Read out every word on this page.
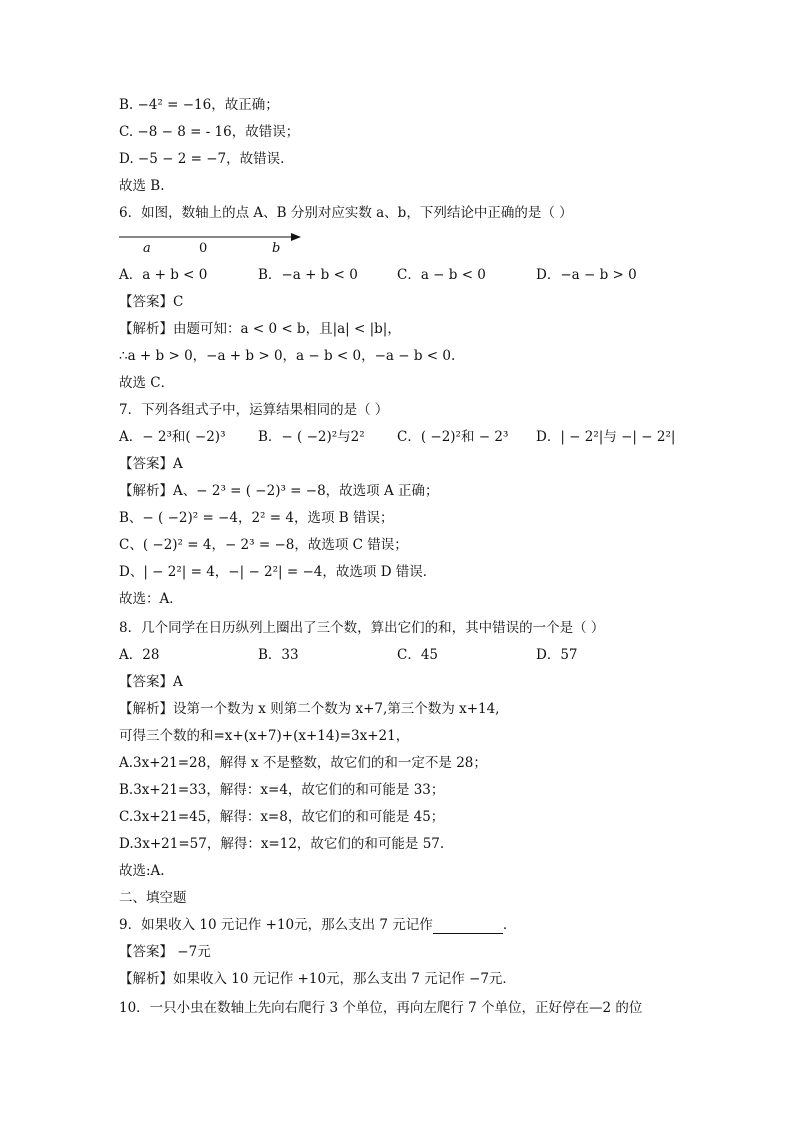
B. −4² = −16，故正确；
C. −8 − 8 = - 16，故错误；
D. −5 − 2 = −7，故错误.
故选 B.
6．如图，数轴上的点 A、B 分别对应实数 a、b，下列结论中正确的是（ ）
a	0	b
A．a + b < 0	B．−a + b < 0	C．a − b < 0	D．−a − b > 0
【答案】C
【解析】由题可知：a < 0 < b，且|a| < |b|，
∴a + b > 0，−a + b > 0，a − b < 0，−a − b < 0.
故选 C．
7．下列各组式子中，运算结果相同的是（ ）
A．− 2³和( −2)³ B．− ( −2)²与2² C．( −2)²和 − 2³ D．| − 2²|与 −| − 2²|
【答案】A
【解析】A、− 2³ = ( −2)³ = −8，故选项 A 正确；
B、− ( −2)² = −4，2² = 4，选项 B 错误；
C、( −2)² = 4，− 2³ = −8，故选项 C 错误；
D、| − 2²| = 4，−| − 2²| = −4，故选项 D 错误．
故选：A．
8．几个同学在日历纵列上圈出了三个数，算出它们的和，其中错误的一个是（ ）
A．28	B．33	C．45	D．57
【答案】A
【解析】设第一个数为 x 则第二个数为 x+7,第三个数为 x+14,
可得三个数的和=x+(x+7)+(x+14)=3x+21，
A.3x+21=28，解得 x 不是整数，故它们的和一定不是 28；
B.3x+21=33，解得：x=4，故它们的和可能是 33；
C.3x+21=45，解得：x=8，故它们的和可能是 45；
D.3x+21=57，解得：x=12，故它们的和可能是 57.
故选:A.
二、填空题
9．如果收入 10 元记作 +10元，那么支出 7 元记作	．
【答案】 −7元
【解析】如果收入 10 元记作 +10元，那么支出 7 元记作 −7元．
10．一只小虫在数轴上先向右爬行 3 个单位，再向左爬行 7 个单位，正好停在—2 的位
